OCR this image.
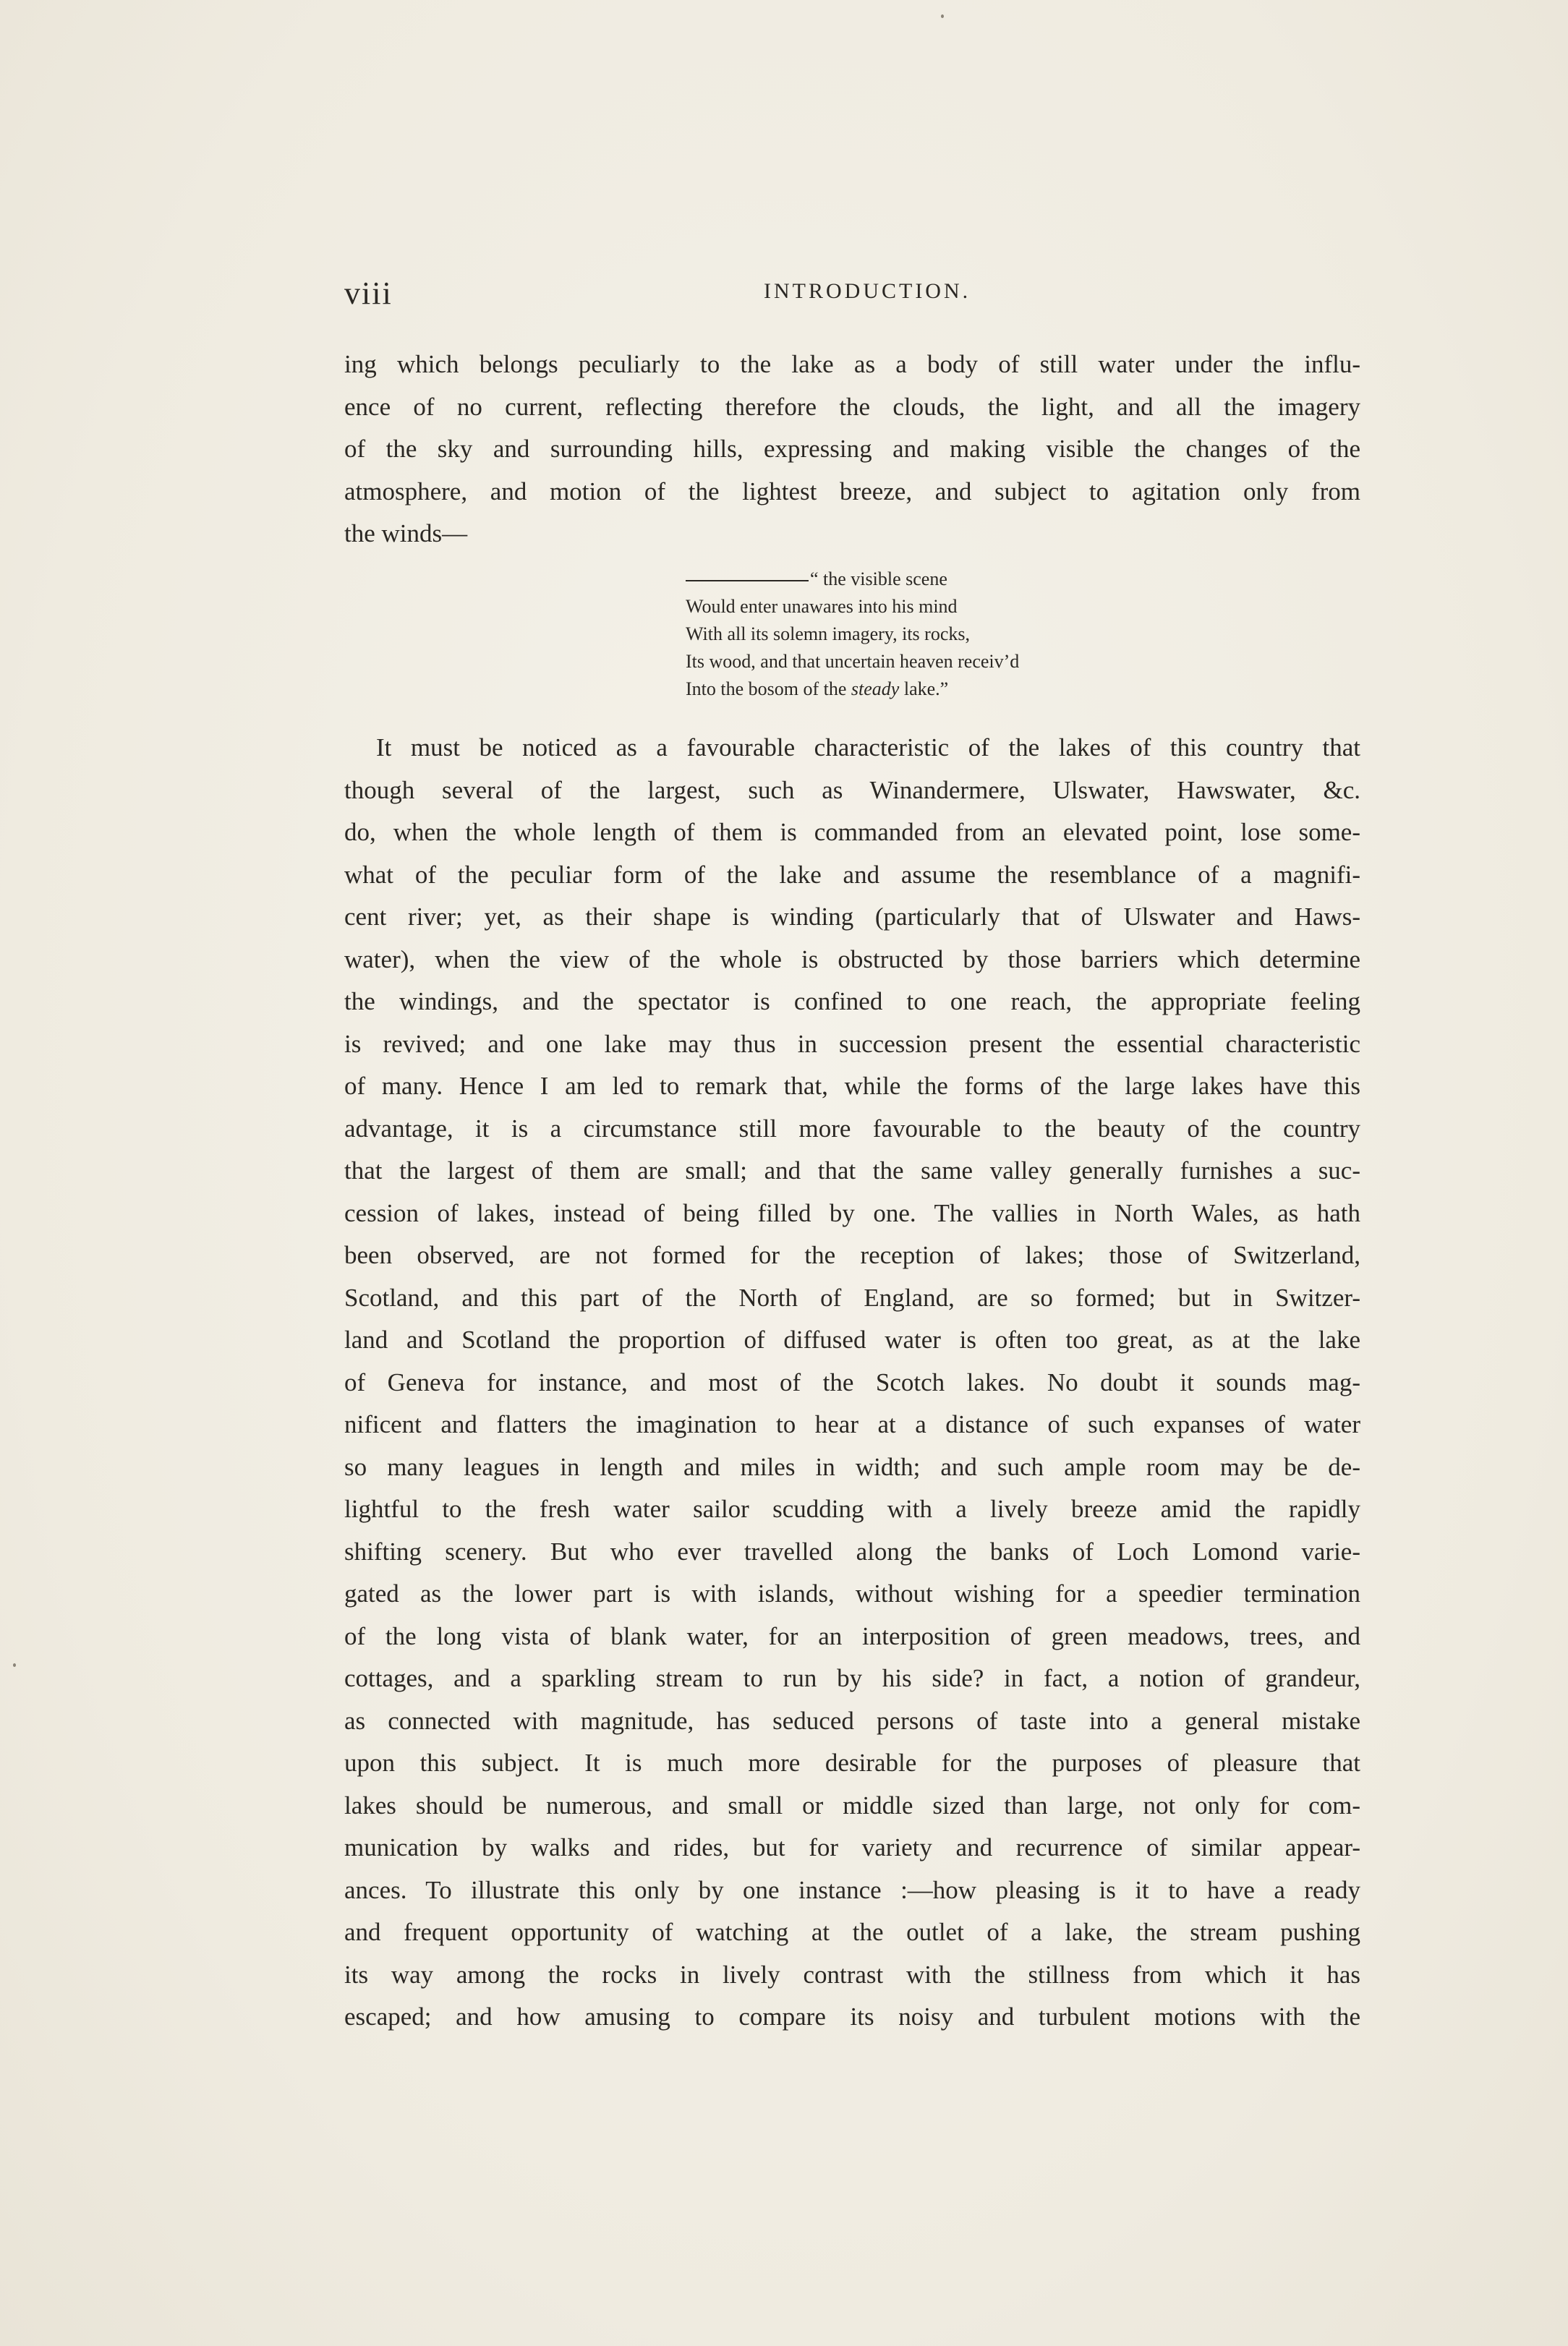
viii	INTRODUCTION.
ing which belongs peculiarly to the lake as a body of still water under the influ-
ence of no current, reflecting therefore the clouds, the light, and all the imagery
of the sky and surrounding hills, expressing and making visible the changes of the
atmosphere, and motion of the lightest breeze, and subject to agitation only from
the winds—
“ the visible scene
Would enter unawares into his mind
With all its solemn imagery, its rocks,
Its wood, and that uncertain heaven receiv’d
Into the bosom of the steady lake.”
It must be noticed as a favourable characteristic of the lakes of this country that
though several of the largest, such as Winandermere, Ulswater, Hawswater, &c.
do, when the whole length of them is commanded from an elevated point, lose some-
what of the peculiar form of the lake and assume the resemblance of a magnifi-
cent river; yet, as their shape is winding (particularly that of Ulswater and Haws-
water), when the view of the whole is obstructed by those barriers which determine
the windings, and the spectator is confined to one reach, the appropriate feeling
is revived; and one lake may thus in succession present the essential characteristic
of many. Hence I am led to remark that, while the forms of the large lakes have this
advantage, it is a circumstance still more favourable to the beauty of the country
that the largest of them are small; and that the same valley generally furnishes a suc-
cession of lakes, instead of being filled by one. The vallies in North Wales, as hath
been observed, are not formed for the reception of lakes; those of Switzerland,
Scotland, and this part of the North of England, are so formed; but in Switzer-
land and Scotland the proportion of diffused water is often too great, as at the lake
of Geneva for instance, and most of the Scotch lakes. No doubt it sounds mag-
nificent and flatters the imagination to hear at a distance of such expanses of water
so many leagues in length and miles in width; and such ample room may be de-
lightful to the fresh water sailor scudding with a lively breeze amid the rapidly
shifting scenery. But who ever travelled along the banks of Loch Lomond varie-
gated as the lower part is with islands, without wishing for a speedier termination
of the long vista of blank water, for an interposition of green meadows, trees, and
cottages, and a sparkling stream to run by his side? in fact, a notion of grandeur,
as connected with magnitude, has seduced persons of taste into a general mistake
upon this subject. It is much more desirable for the purposes of pleasure that
lakes should be numerous, and small or middle sized than large, not only for com-
munication by walks and rides, but for variety and recurrence of similar appear-
ances. To illustrate this only by one instance :—how pleasing is it to have a ready
and frequent opportunity of watching at the outlet of a lake, the stream pushing
its way among the rocks in lively contrast with the stillness from which it has
escaped; and how amusing to compare its noisy and turbulent motions with the
